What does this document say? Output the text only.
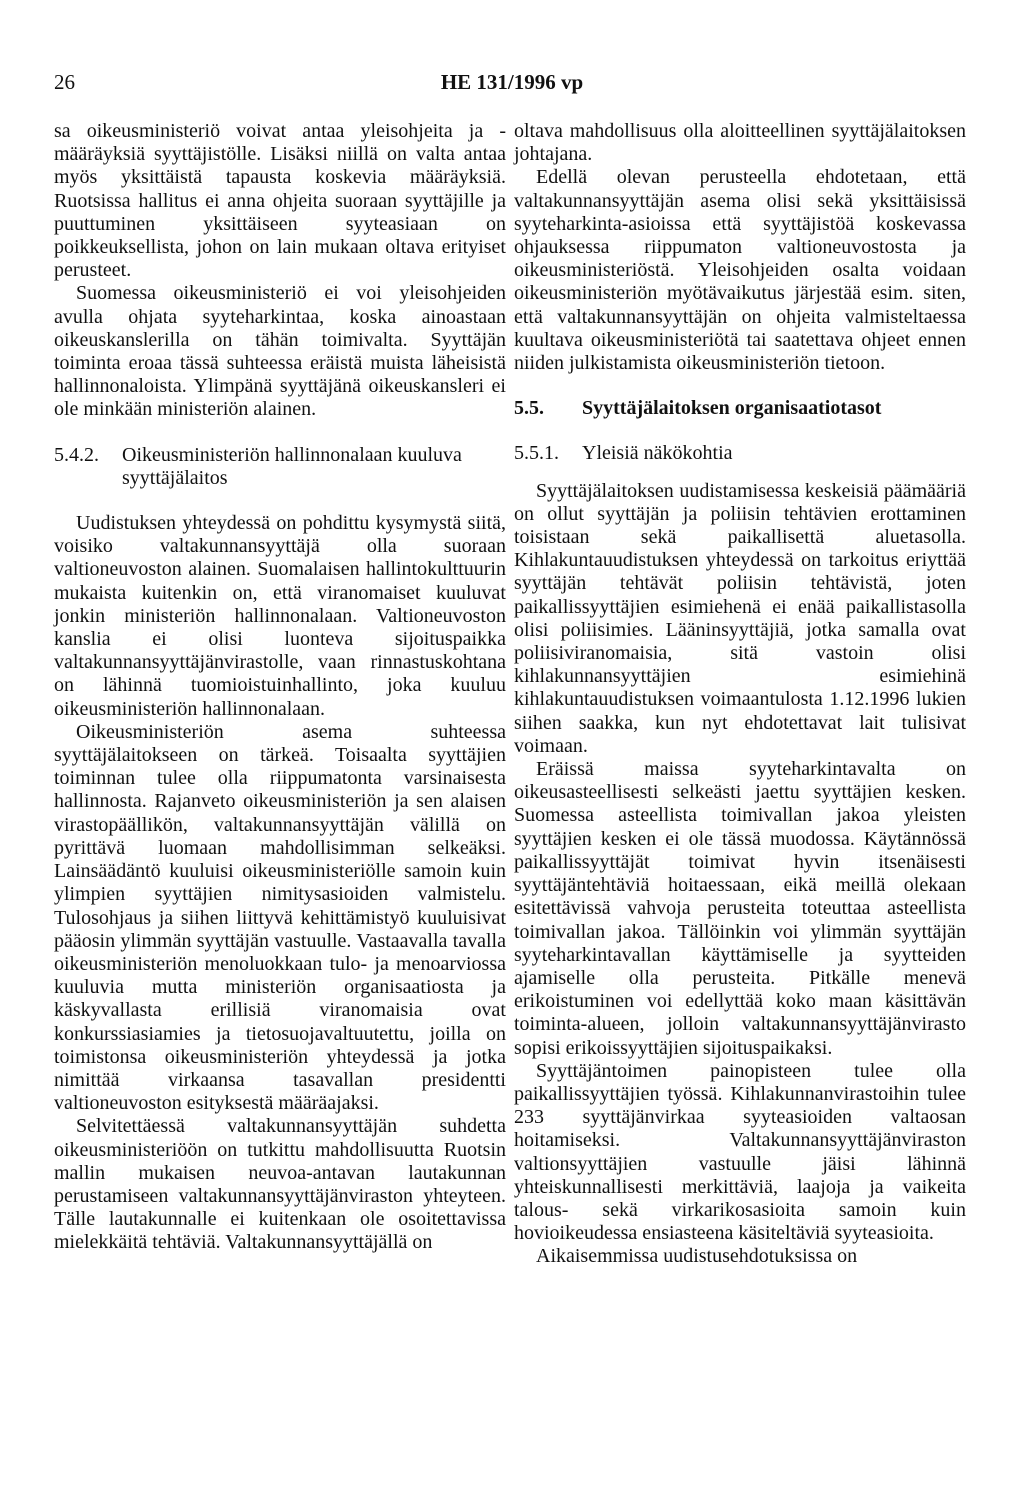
26	HE 131/1996 vp

sa oikeusministeriö voivat antaa yleisohjeita ja -määräyksiä syyttäjistölle. Lisäksi niillä on valta antaa myös yksittäistä tapausta koskevia määräyksiä. Ruotsissa hallitus ei anna ohjeita suoraan syyttäjille ja puuttuminen yksittäiseen syyteasiaan on poikkeuksellista, johon on lain mukaan oltava erityiset perusteet.

Suomessa oikeusministeriö ei voi yleisohjeiden avulla ohjata syyteharkintaa, koska ainoastaan oikeuskanslerilla on tähän toimivalta. Syyttäjän toiminta eroaa tässä suhteessa eräistä muista läheisistä hallinnonaloista. Ylimpänä syyttäjänä oikeuskansleri ei ole minkään ministeriön alainen.

5.4.2.	Oikeusministeriön hallinnonalaan kuuluva syyttäjälaitos

Uudistuksen yhteydessä on pohdittu kysymystä siitä, voisiko valtakunnansyyttäjä olla suoraan valtioneuvoston alainen. Suomalaisen hallintokulttuurin mukaista kuitenkin on, että viranomaiset kuuluvat jonkin ministeriön hallinnonalaan. Valtioneuvoston kanslia ei olisi luonteva sijoituspaikka valtakunnansyyttäjänvirastolle, vaan rinnastuskohtana on lähinnä tuomioistuinhallinto, joka kuuluu oikeusministeriön hallinnonalaan.

Oikeusministeriön asema suhteessa syyttäjälaitokseen on tärkeä. Toisaalta syyttäjien toiminnan tulee olla riippumatonta varsinaisesta hallinnosta. Rajanveto oikeusministeriön ja sen alaisen virastopäällikön, valtakunnansyyttäjän välillä on pyrittävä luomaan mahdollisimman selkeäksi. Lainsäädäntö kuuluisi oikeusministeriölle samoin kuin ylimpien syyttäjien nimitysasioiden valmistelu. Tulosohjaus ja siihen liittyvä kehittämistyö kuuluisivat pääosin ylimmän syyttäjän vastuulle. Vastaavalla tavalla oikeusministeriön menoluokkaan tulo- ja menoarviossa kuuluvia mutta ministeriön organisaatiosta ja käskyvallasta erillisiä viranomaisia ovat konkurssiasiamies ja tietosuojavaltuutettu, joilla on toimistonsa oikeusministeriön yhteydessä ja jotka nimittää virkaansa tasavallan presidentti valtioneuvoston esityksestä määräajaksi.

Selvitettäessä valtakunnansyyttäjän suhdetta oikeusministeriöön on tutkittu mahdollisuutta Ruotsin mallin mukaisen neuvoa-antavan lautakunnan perustamiseen valtakunnansyyttäjänviraston yhteyteen. Tälle lautakunnalle ei kuitenkaan ole osoitettavissa mielekkäitä tehtäviä. Valtakunnansyyttäjällä on

oltava mahdollisuus olla aloitteellinen syyttäjälaitoksen johtajana.

Edellä olevan perusteella ehdotetaan, että valtakunnansyyttäjän asema olisi sekä yksittäisissä syyteharkinta-asioissa että syyttäjistöä koskevassa ohjauksessa riippumaton valtioneuvostosta ja oikeusministeriöstä. Yleisohjeiden osalta voidaan oikeusministeriön myötävaikutus järjestää esim. siten, että valtakunnansyyttäjän on ohjeita valmisteltaessa kuultava oikeusministeriötä tai saatettava ohjeet ennen niiden julkistamista oikeusministeriön tietoon.

5.5.	Syyttäjälaitoksen organisaatiotasot
5.5.1.	Yleisiä näkökohtia

Syyttäjälaitoksen uudistamisessa keskeisiä päämääriä on ollut syyttäjän ja poliisin tehtävien erottaminen toisistaan sekä paikallisettä aluetasolla. Kihlakuntauudistuksen yhteydessä on tarkoitus eriyttää syyttäjän tehtävät poliisin tehtävistä, joten paikallissyyttäjien esimiehenä ei enää paikallistasolla olisi poliisimies. Lääninsyyttäjiä, jotka samalla ovat poliisiviranomaisia, sitä vastoin olisi kihlakunnansyyttäjien esimiehinä kihlakuntauudistuksen voimaantulosta 1.12.1996 lukien siihen saakka, kun nyt ehdotettavat lait tulisivat voimaan.

Eräissä maissa syyteharkintavalta on oikeusasteellisesti selkeästi jaettu syyttäjien kesken. Suomessa asteellista toimivallan jakoa yleisten syyttäjien kesken ei ole tässä muodossa. Käytännössä paikallissyyttäjät toimivat hyvin itsenäisesti syyttäjäntehtäviä hoitaessaan, eikä meillä olekaan esitettävissä vahvoja perusteita toteuttaa asteellista toimivallan jakoa. Tällöinkin voi ylimmän syyttäjän syyteharkintavallan käyttämiselle ja syytteiden ajamiselle olla perusteita. Pitkälle menevä erikoistuminen voi edellyttää koko maan käsittävän toiminta-alueen, jolloin valtakunnansyyttäjänvirasto sopisi erikoissyyttäjien sijoituspaikaksi.

Syyttäjäntoimen painopisteen tulee olla paikallissyyttäjien työssä. Kihlakunnanvirastoihin tulee 233 syyttäjänvirkaa syyteasioiden valtaosan hoitamiseksi. Valtakunnansyyttäjänviraston valtionsyyttäjien vastuulle jäisi lähinnä yhteiskunnallisesti merkittäviä, laajoja ja vaikeita talous- sekä virkarikosasioita samoin kuin hovioikeudessa ensiasteena käsiteltäviä syyteasioita.

Aikaisemmissa uudistusehdotuksissa on
